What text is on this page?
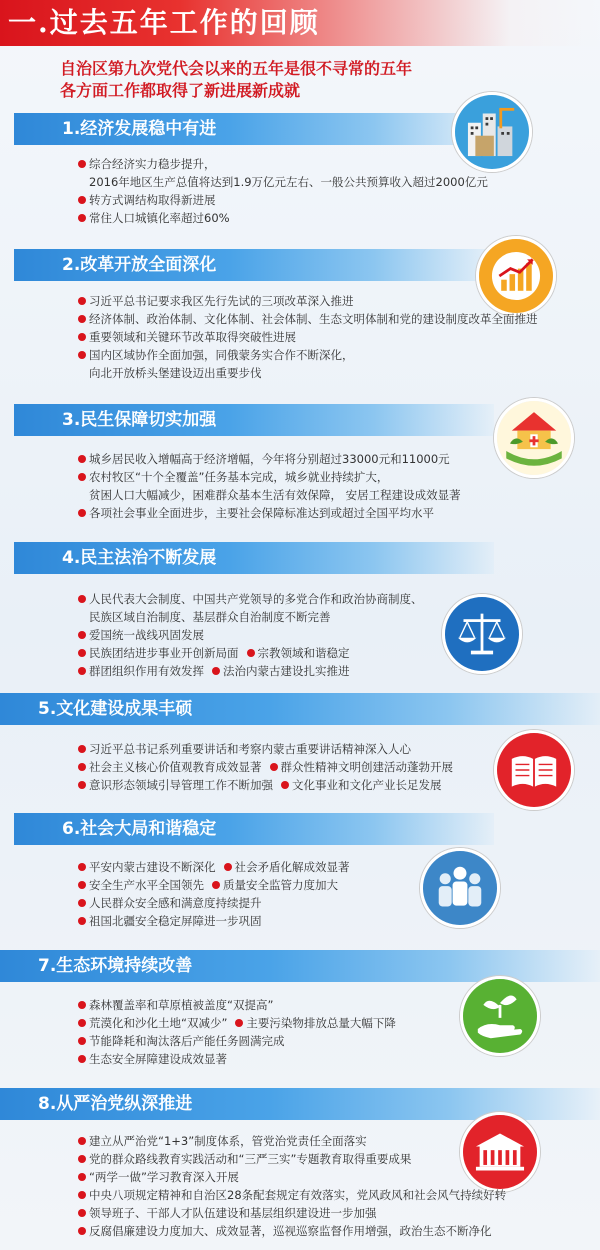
一.过去五年工作的回顾
自治区第九次党代会以来的五年是很不寻常的五年
各方面工作都取得了新进展新成就
1.经济发展稳中有进
综合经济实力稳步提升，
2016年地区生产总值将达到1.9万亿元左右、一般公共预算收入超过2000亿元
转方式调结构取得新进展
常住人口城镇化率超过60%
2.改革开放全面深化
习近平总书记要求我区先行先试的三项改革深入推进
经济体制、政治体制、文化体制、社会体制、生态文明体制和党的建设制度改革全面推进
重要领域和关键环节改革取得突破性进展
国内区域协作全面加强，同俄蒙务实合作不断深化，
向北开放桥头堡建设迈出重要步伐
3.民生保障切实加强
城乡居民收入增幅高于经济增幅，今年将分别超过33000元和11000元
农村牧区“十个全覆盖”任务基本完成，城乡就业持续扩大，
贫困人口大幅减少，困难群众基本生活有效保障， 安居工程建设成效显著
各项社会事业全面进步，主要社会保障标准达到或超过全国平均水平
4.民主法治不断发展
人民代表大会制度、中国共产党领导的多党合作和政治协商制度、
民族区域自治制度、基层群众自治制度不断完善
爱国统一战线巩固发展
民族团结进步事业开创新局面 宗教领域和谐稳定
群团组织作用有效发挥 法治内蒙古建设扎实推进
5.文化建设成果丰硕
习近平总书记系列重要讲话和考察内蒙古重要讲话精神深入人心
社会主义核心价值观教育成效显著 群众性精神文明创建活动蓬勃开展
意识形态领域引导管理工作不断加强 文化事业和文化产业长足发展
6.社会大局和谐稳定
平安内蒙古建设不断深化 社会矛盾化解成效显著
安全生产水平全国领先 质量安全监管力度加大
人民群众安全感和满意度持续提升
祖国北疆安全稳定屏障进一步巩固
7.生态环境持续改善
森林覆盖率和草原植被盖度“双提高”
荒漠化和沙化土地“双减少” 主要污染物排放总量大幅下降
节能降耗和淘汰落后产能任务圆满完成
生态安全屏障建设成效显著
8.从严治党纵深推进
建立从严治党“1+3”制度体系，管党治党责任全面落实
党的群众路线教育实践活动和“三严三实”专题教育取得重要成果
“两学一做”学习教育深入开展
中央八项规定精神和自治区28条配套规定有效落实，党风政风和社会风气持续好转
领导班子、干部人才队伍建设和基层组织建设进一步加强
反腐倡廉建设力度加大、成效显著，巡视巡察监督作用增强，政治生态不断净化
